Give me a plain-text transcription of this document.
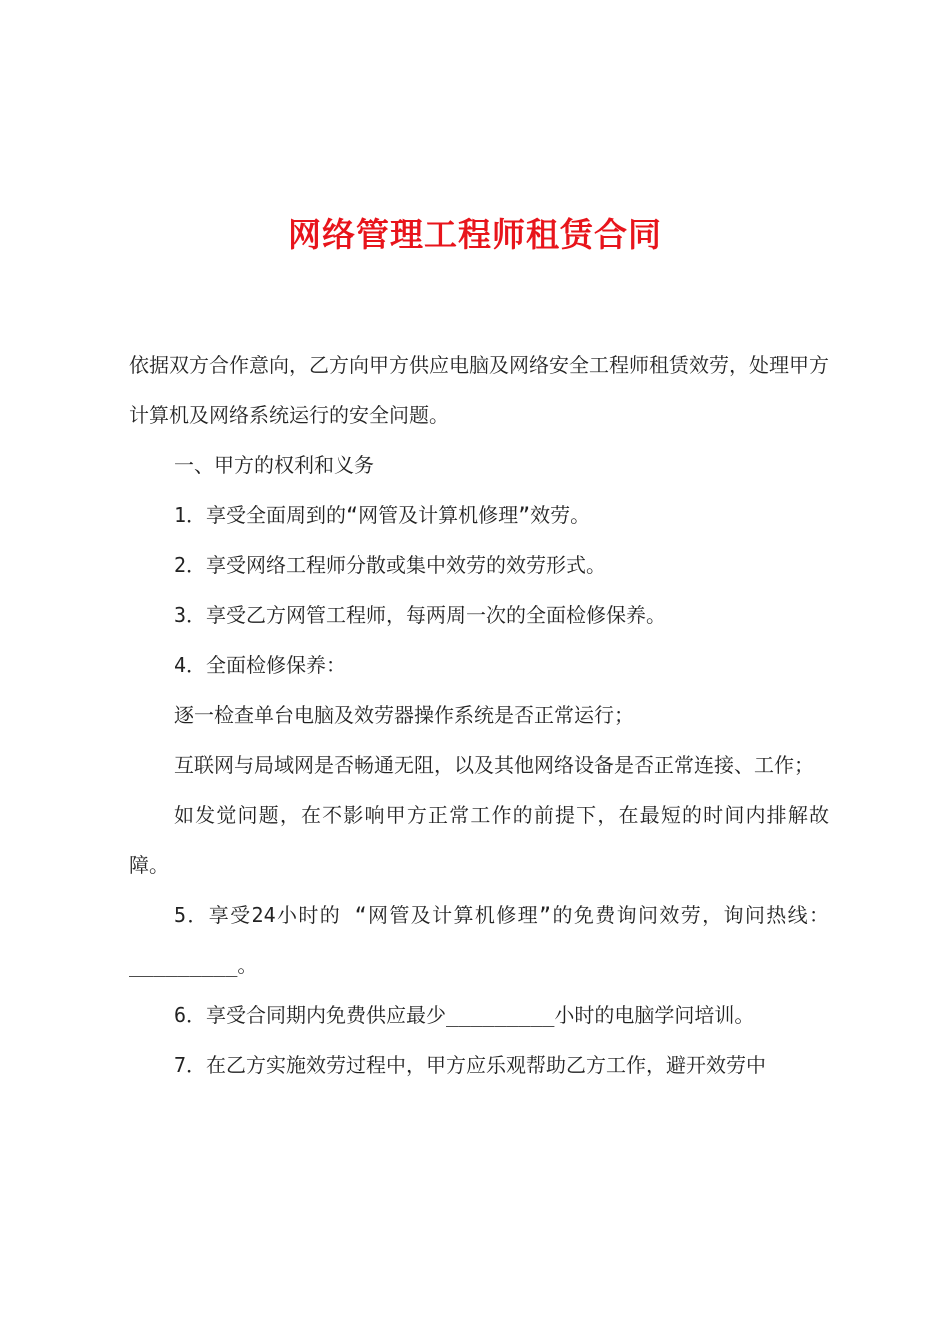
网络管理工程师租赁合同

依据双方合作意向，乙方向甲方供应电脑及网络安全工程师租赁效劳，处理甲方计算机及网络系统运行的安全问题。

一、甲方的权利和义务

1．享受全面周到的“网管及计算机修理”效劳。

2．享受网络工程师分散或集中效劳的效劳形式。

3．享受乙方网管工程师，每两周一次的全面检修保养。

4．全面检修保养：

逐一检查单台电脑及效劳器操作系统是否正常运行；

互联网与局域网是否畅通无阻，以及其他网络设备是否正常连接、工作；

如发觉问题，在不影响甲方正常工作的前提下，在最短的时间内排解故障。

5．享受24小时的 “网管及计算机修理”的免费询问效劳，询问热线：_________。

6．享受合同期内免费供应最少_________小时的电脑学问培训。

7．在乙方实施效劳过程中，甲方应乐观帮助乙方工作，避开效劳中
